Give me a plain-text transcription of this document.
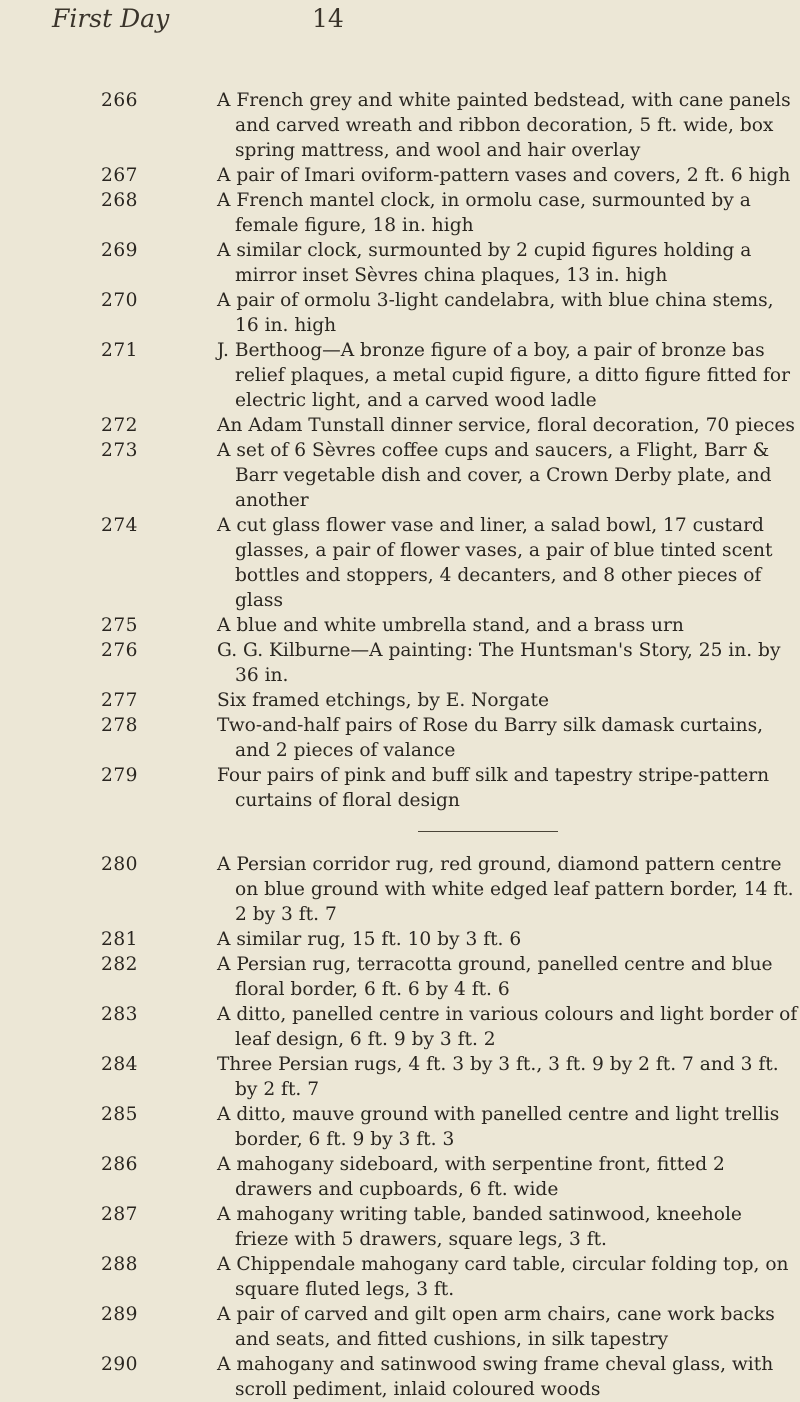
First Day	14
266	A French grey and white painted bedstead, with cane panels and carved wreath and ribbon decoration, 5 ft. wide, box spring mattress, and wool and hair overlay
267	A pair of Imari oviform-pattern vases and covers, 2 ft. 6 high
268	A French mantel clock, in ormolu case, surmounted by a female figure, 18 in. high
269	A similar clock, surmounted by 2 cupid figures holding a mirror inset Sèvres china plaques, 13 in. high
270	A pair of ormolu 3-light candelabra, with blue china stems, 16 in. high
271	J. Berthoog—A bronze figure of a boy, a pair of bronze bas relief plaques, a metal cupid figure, a ditto figure fitted for electric light, and a carved wood ladle
272	An Adam Tunstall dinner service, floral decoration, 70 pieces
273	A set of 6 Sèvres coffee cups and saucers, a Flight, Barr & Barr vegetable dish and cover, a Crown Derby plate, and another
274	A cut glass flower vase and liner, a salad bowl, 17 custard glasses, a pair of flower vases, a pair of blue tinted scent bottles and stoppers, 4 decanters, and 8 other pieces of glass
275	A blue and white umbrella stand, and a brass urn
276	G. G. Kilburne—A painting: The Huntsman's Story, 25 in. by 36 in.
277	Six framed etchings, by E. Norgate
278	Two-and-half pairs of Rose du Barry silk damask curtains, and 2 pieces of valance
279	Four pairs of pink and buff silk and tapestry stripe-pattern curtains of floral design
280	A Persian corridor rug, red ground, diamond pattern centre on blue ground with white edged leaf pattern border, 14 ft. 2 by 3 ft. 7
281	A similar rug, 15 ft. 10 by 3 ft. 6
282	A Persian rug, terracotta ground, panelled centre and blue floral border, 6 ft. 6 by 4 ft. 6
283	A ditto, panelled centre in various colours and light border of leaf design, 6 ft. 9 by 3 ft. 2
284	Three Persian rugs, 4 ft. 3 by 3 ft., 3 ft. 9 by 2 ft. 7 and 3 ft. by 2 ft. 7
285	A ditto, mauve ground with panelled centre and light trellis border, 6 ft. 9 by 3 ft. 3
286	A mahogany sideboard, with serpentine front, fitted 2 drawers and cupboards, 6 ft. wide
287	A mahogany writing table, banded satinwood, kneehole frieze with 5 drawers, square legs, 3 ft.
288	A Chippendale mahogany card table, circular folding top, on square fluted legs, 3 ft.
289	A pair of carved and gilt open arm chairs, cane work backs and seats, and fitted cushions, in silk tapestry
290	A mahogany and satinwood swing frame cheval glass, with scroll pediment, inlaid coloured woods
